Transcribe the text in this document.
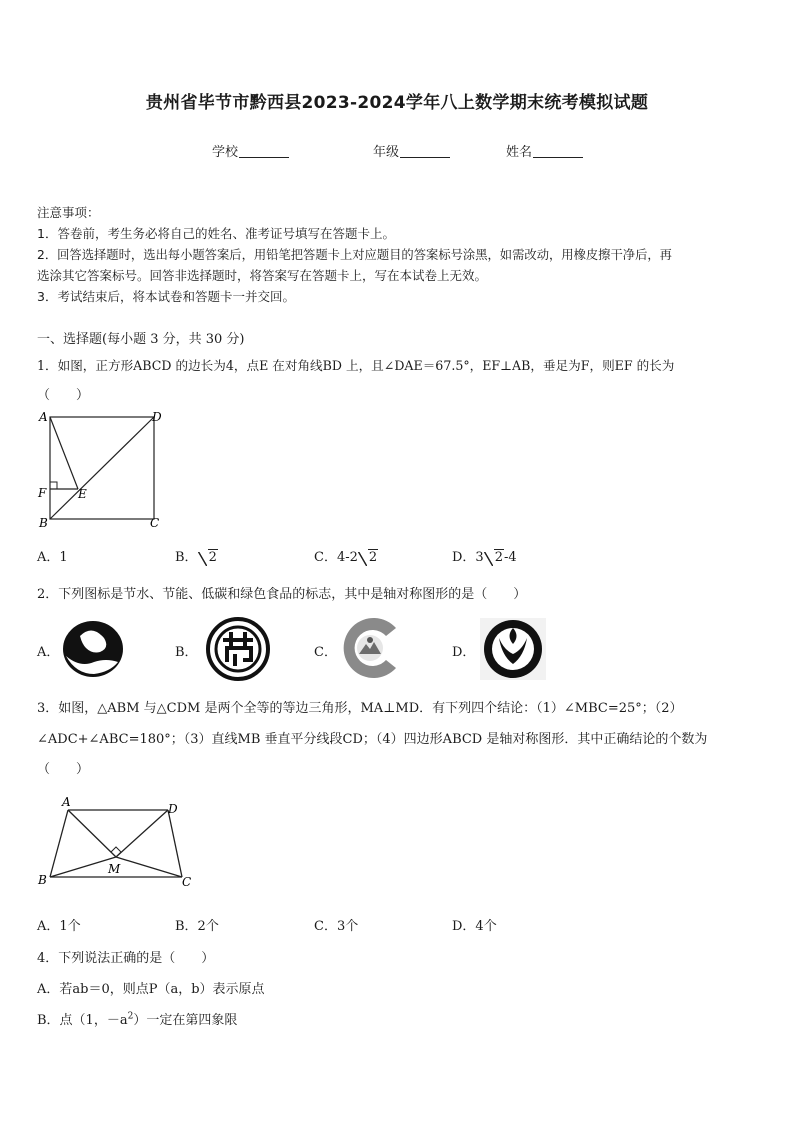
贵州省毕节市黔西县2023-2024学年八上数学期末统考模拟试题
学校	年级	姓名
注意事项：
1．答卷前，考生务必将自己的姓名、准考证号填写在答题卡上。
2．回答选择题时，选出每小题答案后，用铅笔把答题卡上对应题目的答案标号涂黑，如需改动，用橡皮擦干净后，再
选涂其它答案标号。回答非选择题时，将答案写在答题卡上，写在本试卷上无效。
3．考试结束后，将本试卷和答题卡一并交回。
一、选择题(每小题 3 分，共 30 分)
1．如图，正方形ABCD 的边长为4，点E 在对角线BD 上，且∠DAE＝67.5°，EF⊥AB，垂足为F，则EF 的长为
（　　）
A	D
F	E
B	C
A．1	B． 2	C．4-2 2	D．3 2-4
2．下列图标是节水、节能、低碳和绿色食品的标志，其中是轴对称图形的是（　　）
A．	B．	C．	D．
3．如图，△ABM 与△CDM 是两个全等的等边三角形，MA⊥MD．有下列四个结论：（1）∠MBC=25°；（2）
∠ADC+∠ABC=180°；（3）直线MB 垂直平分线段CD；（4）四边形ABCD 是轴对称图形．其中正确结论的个数为
（　　）
A	D
B
M
C
A．1个	B．2个	C．3个	D．4个
4．下列说法正确的是（　　）
A．若ab＝0，则点P（a，b）表示原点
B．点（1，$-a^2$）一定在第四象限
